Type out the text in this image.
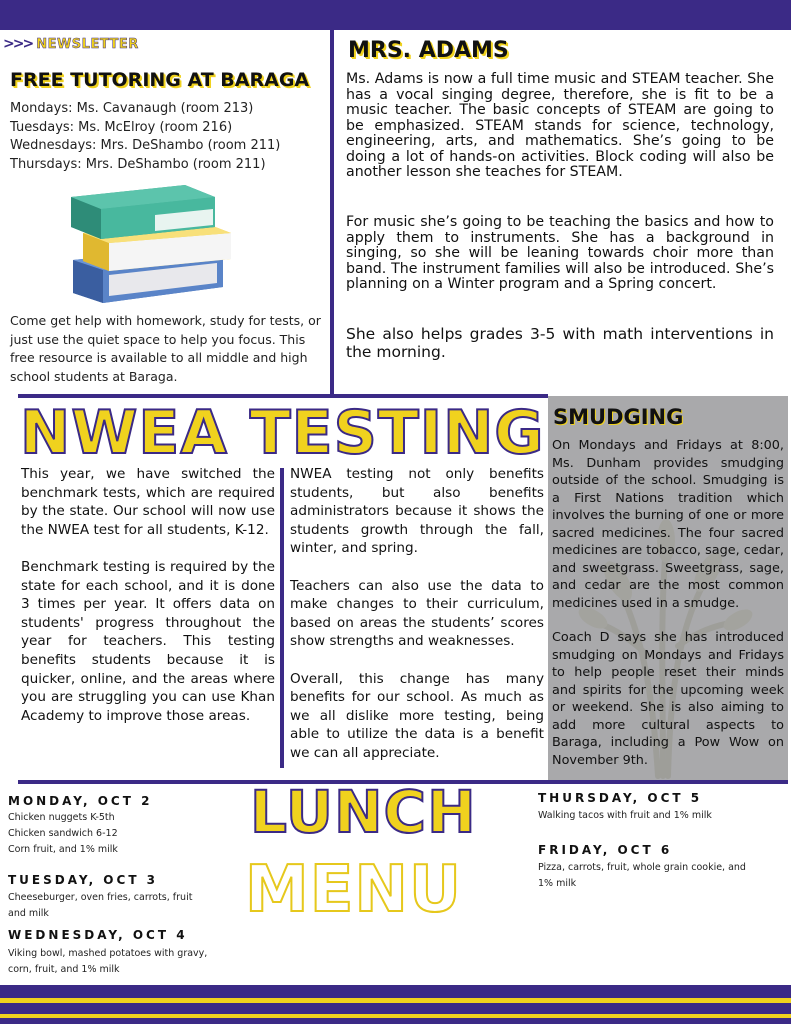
>>> NEWSLETTER
FREE TUTORING AT BARAGA
Mondays: Ms. Cavanaugh (room 213)
Tuesdays: Ms. McElroy (room 216)
Wednesdays: Mrs. DeShambo (room 211)
Thursdays: Mrs. DeShambo (room 211)
Come get help with homework, study for tests, or just use the quiet space to help you focus. This free resource is available to all middle and high school students at Baraga.
MRS. ADAMS
Ms. Adams is now a full time music and STEAM teacher. She has a vocal singing degree, therefore, she is fit to be a music teacher. The basic concepts of STEAM are going to be emphasized. STEAM stands for science, technology, engineering, arts, and mathematics. She’s going to be doing a lot of hands-on activities. Block coding will also be another lesson she teaches for STEAM.
For music she’s going to be teaching the basics and how to apply them to instruments. She has a background in singing, so she will be leaning towards choir more than band. The instrument families will also be introduced. She’s planning on a Winter program and a Spring concert.
She also helps grades 3-5 with math interventions in the morning.
NWEA TESTING

This year, we have switched the benchmark tests, which are required by the state. Our school will now use the NWEA test for all students, K-12.

Benchmark testing is required by the state for each school, and it is done 3 times per year. It offers data on students' progress throughout the year for teachers. This testing benefits students because it is quicker, online, and the areas where you are struggling you can use Khan Academy to improve those areas.

NWEA testing not only benefits students, but also benefits administrators because it shows the students growth through the fall, winter, and spring.

Teachers can also use the data to make changes to their curriculum, based on areas the students’ scores show strengths and weaknesses.

Overall, this change has many benefits for our school. As much as we all dislike more testing, being able to utilize the data is a benefit we can all appreciate.

SMUDGING
On Mondays and Fridays at 8:00, Ms. Dunham provides smudging outside of the school. Smudging is a First Nations tradition which involves the burning of one or more sacred medicines. The four sacred medicines are tobacco, sage, cedar, and sweetgrass. Sweetgrass, sage, and cedar are the most common medicines used in a smudge.
Coach D says she has introduced smudging on Mondays and Fridays to help people reset their minds and spirits for the upcoming week or weekend. She is also aiming to add more cultural aspects to Baraga, including a Pow Wow on November 9th.
MONDAY, OCT 2
Chicken nuggets K-5th
Chicken sandwich 6-12
Corn fruit, and 1% milk
TUESDAY, OCT 3
Cheeseburger, oven fries, carrots, fruit
and milk
WEDNESDAY, OCT 4
Viking bowl, mashed potatoes with gravy,
corn, fruit, and 1% milk
LUNCH
MENU
THURSDAY, OCT 5
Walking tacos with fruit and 1% milk
FRIDAY, OCT 6
Pizza, carrots, fruit, whole grain cookie, and
1% milk
